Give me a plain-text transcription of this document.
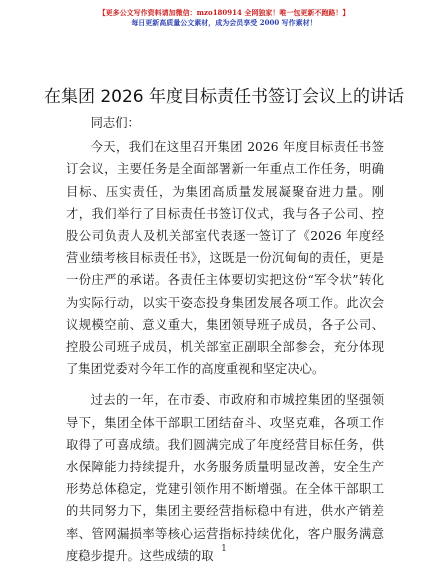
【更多公文写作资料请加微信：mzo180914 全网独家！唯一包更新不跑路！】
每日更新高质量公文素材，成为会员享受 2000 写作素材！
在集团 2026 年度目标责任书签订会议上的讲话

同志们：

今天，我们在这里召开集团 2026 年度目标责任书签订会议，主要任务是全面部署新一年重点工作任务，明确目标、压实责任，为集团高质量发展凝聚奋进力量。刚才，我们举行了目标责任书签订仪式，我与各子公司、控股公司负责人及机关部室代表逐一签订了《2026 年度经营业绩考核目标责任书》，这既是一份沉甸甸的责任，更是一份庄严的承诺。各责任主体要切实把这份“军令状”转化为实际行动，以实干姿态投身集团发展各项工作。此次会议规模空前、意义重大，集团领导班子成员，各子公司、控股公司班子成员，机关部室正副职全部参会，充分体现了集团党委对今年工作的高度重视和坚定决心。

过去的一年，在市委、市政府和市城控集团的坚强领导下，集团全体干部职工团结奋斗、攻坚克难，各项工作取得了可喜成绩。我们圆满完成了年度经营目标任务，供水保障能力持续提升，水务服务质量明显改善，安全生产形势总体稳定，党建引领作用不断增强。在全体干部职工的共同努力下，集团主要经营指标稳中有进，供水产销差率、管网漏损率等核心运营指标持续优化，客户服务满意度稳步提升。这些成绩的取 1
